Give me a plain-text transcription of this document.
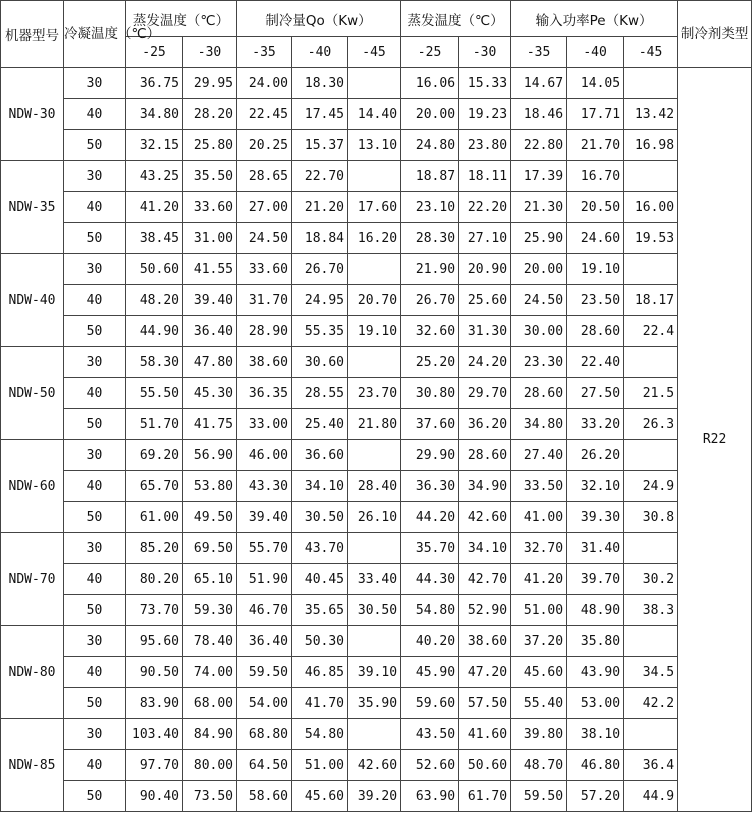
机器型号	冷凝温度（℃）	蒸发温度（℃）		制冷量Qo（Kw）			蒸发温度（℃）		输入功率Pe（Kw）			制冷剂类型
		-25	-30	-35	-40	-45	-25	-30	-35	-40	-45	
NDW-30	30	36.75	29.95	24.00	18.30		16.06	15.33	14.67	14.05		R22
	40	34.80	28.20	22.45	17.45	14.40	20.00	19.23	18.46	17.71	13.42	
	50	32.15	25.80	20.25	15.37	13.10	24.80	23.80	22.80	21.70	16.98	
NDW-35	30	43.25	35.50	28.65	22.70		18.87	18.11	17.39	16.70		
	40	41.20	33.60	27.00	21.20	17.60	23.10	22.20	21.30	20.50	16.00	
	50	38.45	31.00	24.50	18.84	16.20	28.30	27.10	25.90	24.60	19.53	
NDW-40	30	50.60	41.55	33.60	26.70		21.90	20.90	20.00	19.10		
	40	48.20	39.40	31.70	24.95	20.70	26.70	25.60	24.50	23.50	18.17	
	50	44.90	36.40	28.90	55.35	19.10	32.60	31.30	30.00	28.60	22.4	
NDW-50	30	58.30	47.80	38.60	30.60		25.20	24.20	23.30	22.40		
	40	55.50	45.30	36.35	28.55	23.70	30.80	29.70	28.60	27.50	21.5	
	50	51.70	41.75	33.00	25.40	21.80	37.60	36.20	34.80	33.20	26.3	
NDW-60	30	69.20	56.90	46.00	36.60		29.90	28.60	27.40	26.20		
	40	65.70	53.80	43.30	34.10	28.40	36.30	34.90	33.50	32.10	24.9	
	50	61.00	49.50	39.40	30.50	26.10	44.20	42.60	41.00	39.30	30.8	
NDW-70	30	85.20	69.50	55.70	43.70		35.70	34.10	32.70	31.40		
	40	80.20	65.10	51.90	40.45	33.40	44.30	42.70	41.20	39.70	30.2	
	50	73.70	59.30	46.70	35.65	30.50	54.80	52.90	51.00	48.90	38.3	
NDW-80	30	95.60	78.40	36.40	50.30		40.20	38.60	37.20	35.80		
	40	90.50	74.00	59.50	46.85	39.10	45.90	47.20	45.60	43.90	34.5	
	50	83.90	68.00	54.00	41.70	35.90	59.60	57.50	55.40	53.00	42.2	
NDW-85	30	103.40	84.90	68.80	54.80		43.50	41.60	39.80	38.10		
	40	97.70	80.00	64.50	51.00	42.60	52.60	50.60	48.70	46.80	36.4	
	50	90.40	73.50	58.60	45.60	39.20	63.90	61.70	59.50	57.20	44.9	
